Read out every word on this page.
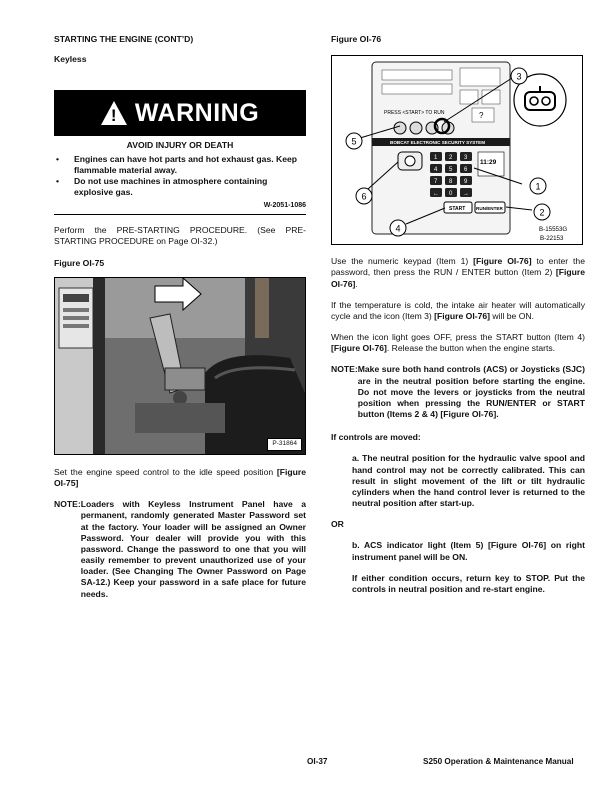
STARTING THE ENGINE (CONT’D)
Keyless
! WARNING
AVOID INJURY OR DEATH
• Engines can have hot parts and hot exhaust gas. Keep flammable material away.
• Do not use machines in atmosphere containing explosive gas.
W-2051-1086

Perform the PRE-STARTING PROCEDURE. (See PRE-STARTING PROCEDURE on Page OI-32.)

Figure OI-75
P-31864

Set the engine speed control to the idle speed position [Figure OI-75]

NOTE: Loaders with Keyless Instrument Panel have a permanent, randomly generated Master Password set at the factory. Your loader will be assigned an Owner Password. Your dealer will provide you with this password. Change the password to one that you will easily remember to prevent unauthorized use of your loader. (See Changing The Owner Password on Page SA-12.) Keep your password in a safe place for future needs.
Figure OI-76
PRESS <START> TO RUN	?
BOBCAT ELECTRONIC SECURITY SYSTEM
11:29
1 2 3
4 5 6
7 8 9
← 0 →
START RUN/ENTER
3
5
6
1
2
4	B-15553G
B-22153

Use the numeric keypad (Item 1) [Figure OI-76] to enter the password, then press the RUN / ENTER button (Item 2) [Figure OI-76].

If the temperature is cold, the intake air heater will automatically cycle and the icon (Item 3) [Figure OI-76] will be ON.

When the icon light goes OFF, press the START button (Item 4) [Figure OI-76]. Release the button when the engine starts.

NOTE: Make sure both hand controls (ACS) or Joysticks (SJC) are in the neutral position before starting the engine. Do not move the levers or joysticks from the neutral position when pressing the RUN/ENTER or START button (Items 2 & 4) [Figure OI-76].
If controls are moved:

a. The neutral position for the hydraulic valve spool and hand control may not be correctly calibrated. This can result in slight movement of the lift or tilt hydraulic cylinders when the hand control lever is returned to the neutral position after start-up.

OR

b. ACS indicator light (Item 5) [Figure OI-76] on right instrument panel will be ON.

If either condition occurs, return key to STOP. Put the controls in neutral position and re-start engine.

OI-37	S250 Operation & Maintenance Manual
